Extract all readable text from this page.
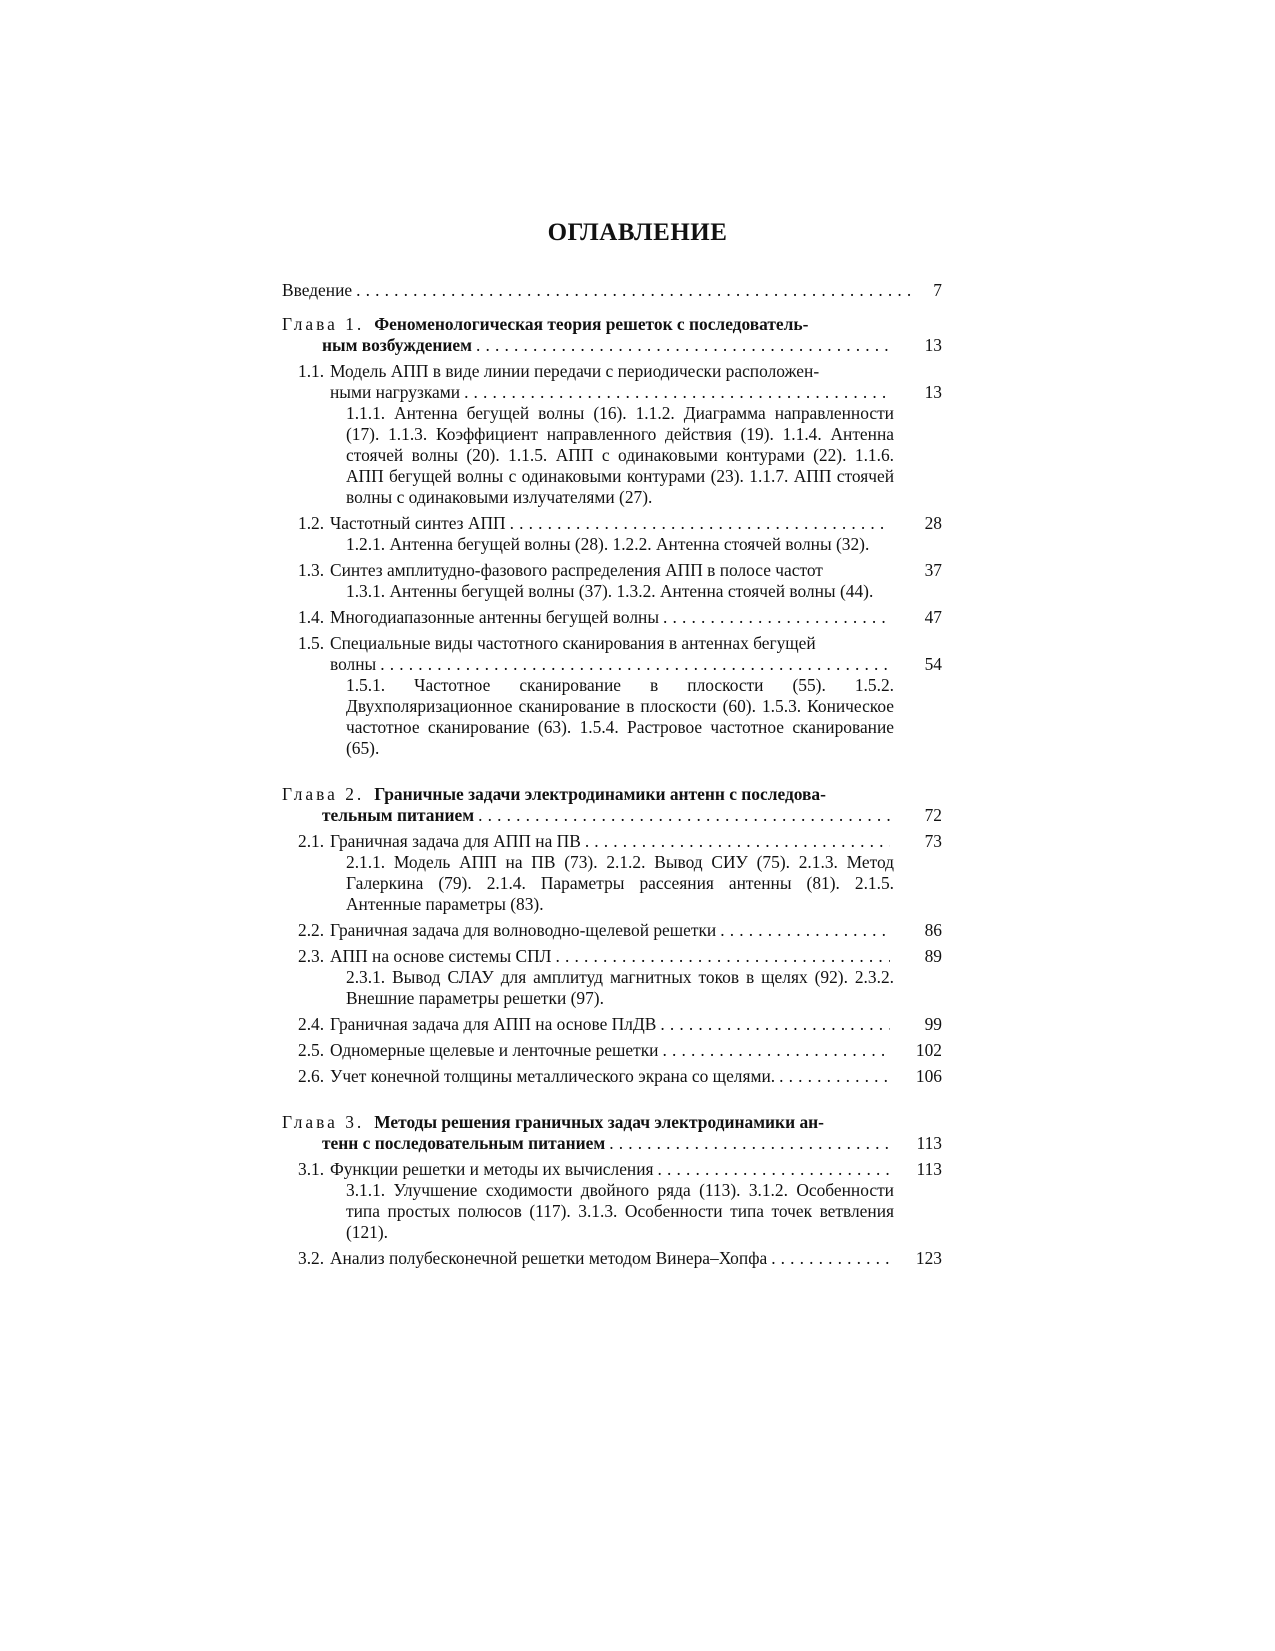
ОГЛАВЛЕНИЕ
Введение . . .	7
Глава 1. Феноменологическая теория решеток с последователь-
ным возбуждением . . .	13
1.1. Модель АПП в виде линии передачи с периодически расположен-
ными нагрузками . . .	13
1.1.1. Антенна бегущей волны (16). 1.1.2. Диаграмма направленности (17). 1.1.3. Коэффициент направленного действия (19). 1.1.4. Антенна стоячей волны (20). 1.1.5. АПП с одинаковыми контурами (22). 1.1.6. АПП бегущей волны с одинаковыми контурами (23). 1.1.7. АПП стоячей волны с одинаковыми излучателями (27).
1.2. Частотный синтез АПП . . .	28
1.2.1. Антенна бегущей волны (28). 1.2.2. Антенна стоячей волны (32).
1.3. Синтез амплитудно-фазового распределения АПП в полосе частот	37
1.3.1. Антенны бегущей волны (37). 1.3.2. Антенна стоячей волны (44).
1.4. Многодиапазонные антенны бегущей волны . . .	47
1.5. Специальные виды частотного сканирования в антеннах бегущей
волны . . .	54
1.5.1. Частотное сканирование в плоскости (55). 1.5.2. Двухполяризационное сканирование в плоскости (60). 1.5.3. Коническое частотное сканирование (63). 1.5.4. Растровое частотное сканирование (65).
Глава 2. Граничные задачи электродинамики антенн с последова-
тельным питанием . . .	72
2.1. Граничная задача для АПП на ПВ . . .	73
2.1.1. Модель АПП на ПВ (73). 2.1.2. Вывод СИУ (75). 2.1.3. Метод Галеркина (79). 2.1.4. Параметры рассеяния антенны (81). 2.1.5. Антенные параметры (83).
2.2. Граничная задача для волноводно-щелевой решетки . . .	86
2.3. АПП на основе системы СПЛ . . .	89
2.3.1. Вывод СЛАУ для амплитуд магнитных токов в щелях (92). 2.3.2. Внешние параметры решетки (97).
2.4. Граничная задача для АПП на основе ПлДВ . . .	99
2.5. Одномерные щелевые и ленточные решетки . . .	102
2.6. Учет конечной толщины металлического экрана со щелями. . . .	106
Глава 3. Методы решения граничных задач электродинамики ан-
тенн с последовательным питанием . . .	113
3.1. Функции решетки и методы их вычисления . . .	113
3.1.1. Улучшение сходимости двойного ряда (113). 3.1.2. Особенности типа простых полюсов (117). 3.1.3. Особенности типа точек ветвления (121).
3.2. Анализ полубесконечной решетки методом Винера–Хопфа . . .	123
